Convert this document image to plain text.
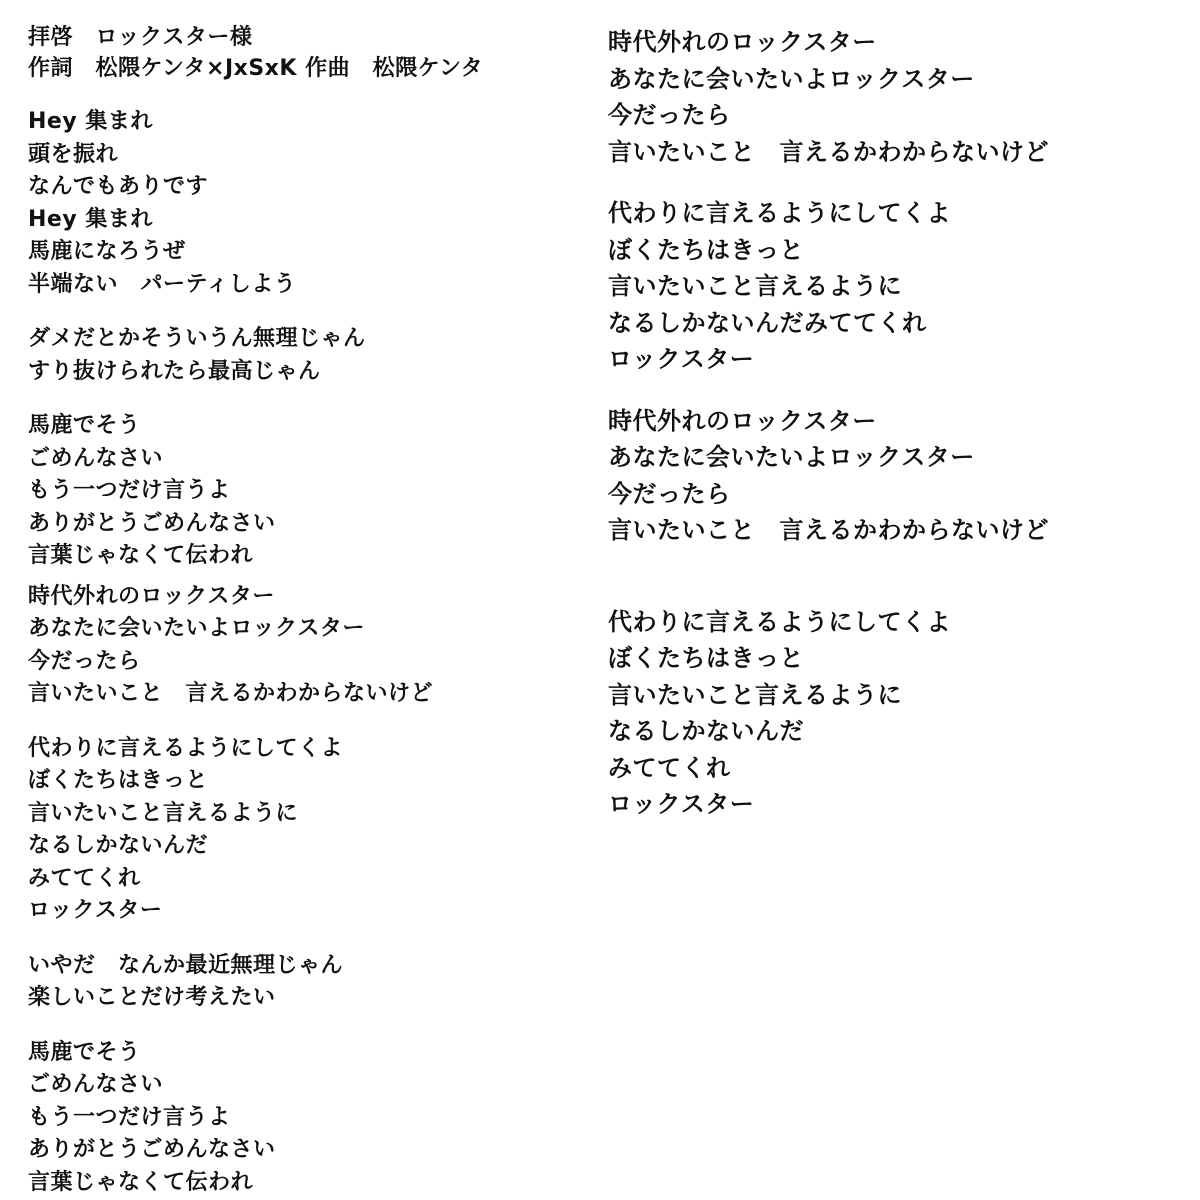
拝啓　ロックスター様
作詞　松隈ケンタ×JxSxK 作曲　松隈ケンタ
Hey 集まれ
頭を振れ
なんでもありです
Hey 集まれ
馬鹿になろうぜ
半端ない　パーティしよう
ダメだとかそういうん無理じゃん
すり抜けられたら最高じゃん
馬鹿でそう
ごめんなさい
もう一つだけ言うよ
ありがとうごめんなさい
言葉じゃなくて伝われ
時代外れのロックスター
あなたに会いたいよロックスター
今だったら
言いたいこと　言えるかわからないけど
代わりに言えるようにしてくよ
ぼくたちはきっと
言いたいこと言えるように
なるしかないんだ
みててくれ
ロックスター
いやだ　なんか最近無理じゃん
楽しいことだけ考えたい
馬鹿でそう
ごめんなさい
もう一つだけ言うよ
ありがとうごめんなさい
言葉じゃなくて伝われ
時代外れのロックスター
あなたに会いたいよロックスター
今だったら
言いたいこと　言えるかわからないけど
代わりに言えるようにしてくよ
ぼくたちはきっと
言いたいこと言えるように
なるしかないんだみててくれ
ロックスター
時代外れのロックスター
あなたに会いたいよロックスター
今だったら
言いたいこと　言えるかわからないけど
代わりに言えるようにしてくよ
ぼくたちはきっと
言いたいこと言えるように
なるしかないんだ
みててくれ
ロックスター
